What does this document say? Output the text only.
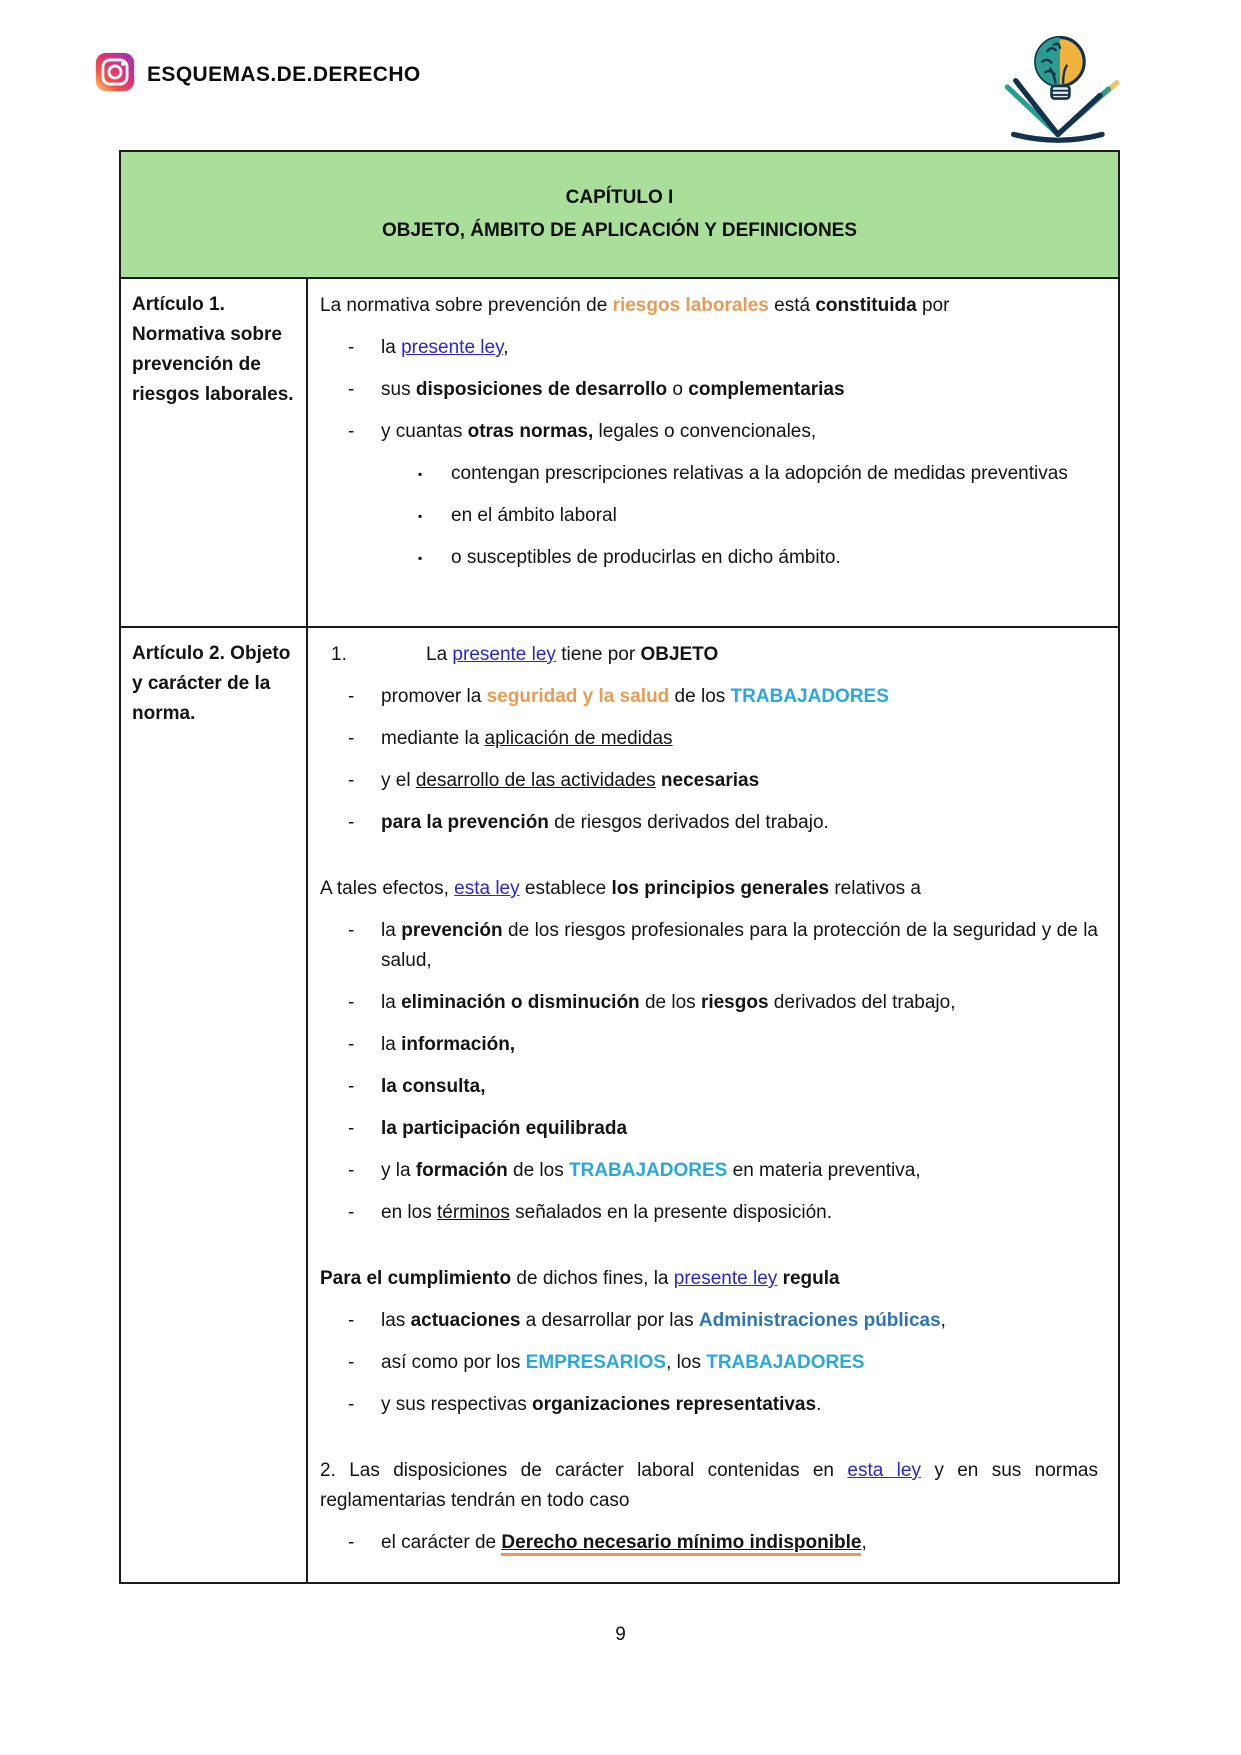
ESQUEMAS.DE.DERECHO
CAPÍTULO I
OBJETO, ÁMBITO DE APLICACIÓN Y DEFINICIONES
Artículo 1. Normativa sobre prevención de riesgos laborales.
La normativa sobre prevención de riesgos laborales está constituida por
-	la presente ley,
-	sus disposiciones de desarrollo o complementarias
-	y cuantas otras normas, legales o convencionales,
▪	contengan prescripciones relativas a la adopción de medidas preventivas
▪	en el ámbito laboral
▪	o susceptibles de producirlas en dicho ámbito.
Artículo 2. Objeto y carácter de la norma.
1.	La presente ley tiene por OBJETO
-	promover la seguridad y la salud de los TRABAJADORES
-	mediante la aplicación de medidas
-	y el desarrollo de las actividades necesarias
-	para la prevención de riesgos derivados del trabajo.
A tales efectos, esta ley establece los principios generales relativos a
-	la prevención de los riesgos profesionales para la protección de la seguridad y de la salud,
-	la eliminación o disminución de los riesgos derivados del trabajo,
-	la información,
-	la consulta,
-	la participación equilibrada
-	y la formación de los TRABAJADORES en materia preventiva,
-	en los términos señalados en la presente disposición.
Para el cumplimiento de dichos fines, la presente ley regula
-	las actuaciones a desarrollar por las Administraciones públicas,
-	así como por los EMPRESARIOS, los TRABAJADORES
-	y sus respectivas organizaciones representativas.
2. Las disposiciones de carácter laboral contenidas en esta ley y en sus normas reglamentarias tendrán en todo caso
-	el carácter de Derecho necesario mínimo indisponible,
9
